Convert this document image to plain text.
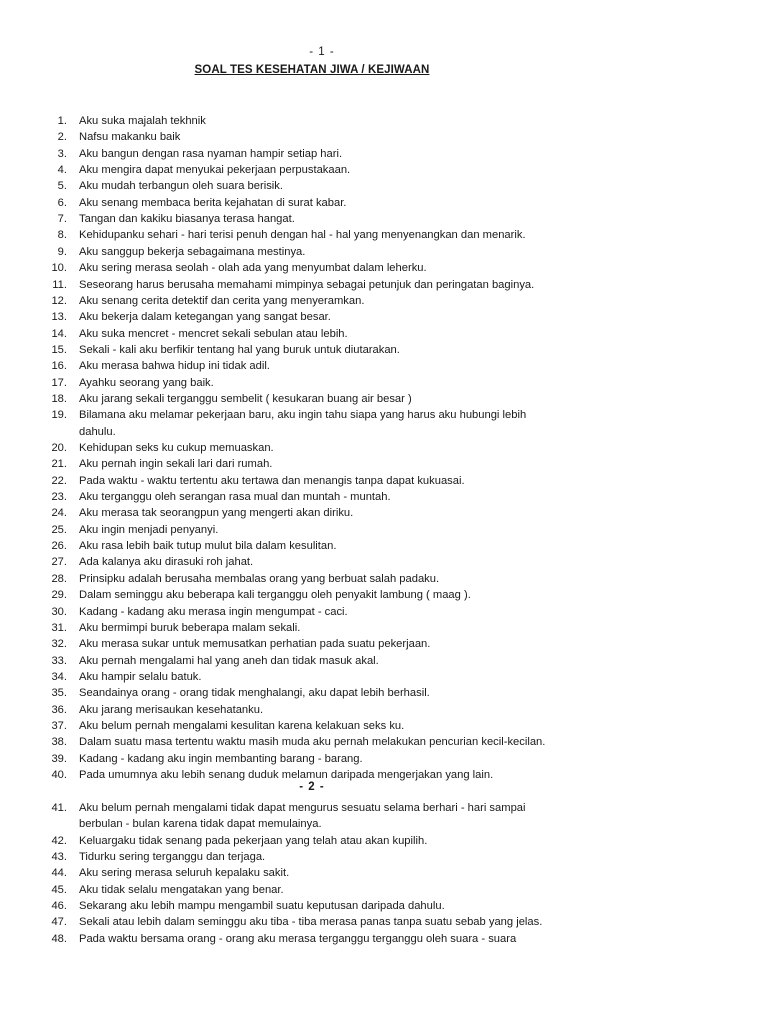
- 1 -
SOAL TES KESEHATAN JIWA / KEJIWAAN
1. Aku suka majalah tekhnik
2. Nafsu makanku baik
3. Aku bangun dengan rasa nyaman hampir setiap hari.
4. Aku mengira dapat menyukai pekerjaan perpustakaan.
5. Aku mudah terbangun oleh suara berisik.
6. Aku senang membaca berita kejahatan di surat kabar.
7. Tangan dan kakiku biasanya terasa hangat.
8. Kehidupanku sehari - hari terisi penuh dengan hal - hal yang menyenangkan dan menarik.
9. Aku sanggup bekerja sebagaimana mestinya.
10. Aku sering merasa seolah - olah ada yang menyumbat dalam leherku.
11. Seseorang harus berusaha memahami mimpinya sebagai petunjuk dan peringatan baginya.
12. Aku senang cerita detektif dan cerita yang menyeramkan.
13. Aku bekerja dalam ketegangan yang sangat besar.
14. Aku suka mencret - mencret sekali sebulan atau lebih.
15. Sekali - kali aku berfikir tentang hal yang buruk untuk diutarakan.
16. Aku merasa bahwa hidup ini tidak adil.
17. Ayahku seorang yang baik.
18. Aku jarang sekali terganggu sembelit ( kesukaran buang air besar )
19. Bilamana aku melamar pekerjaan baru, aku ingin tahu siapa yang harus aku hubungi lebih
dahulu.
20. Kehidupan seks ku cukup memuaskan.
21. Aku pernah ingin sekali lari dari rumah.
22. Pada waktu - waktu tertentu aku tertawa dan menangis tanpa dapat kukuasai.
23. Aku terganggu oleh serangan rasa mual dan muntah - muntah.
24. Aku merasa tak seorangpun yang mengerti akan diriku.
25. Aku ingin menjadi penyanyi.
26. Aku rasa lebih baik tutup mulut bila dalam kesulitan.
27. Ada kalanya aku dirasuki roh jahat.
28. Prinsipku adalah berusaha membalas orang yang berbuat salah padaku.
29. Dalam seminggu aku beberapa kali terganggu oleh penyakit lambung ( maag ).
30. Kadang - kadang aku merasa ingin mengumpat - caci.
31. Aku bermimpi buruk beberapa malam sekali.
32. Aku merasa sukar untuk memusatkan perhatian pada suatu pekerjaan.
33. Aku pernah mengalami hal yang aneh dan tidak masuk akal.
34. Aku hampir selalu batuk.
35. Seandainya orang - orang tidak menghalangi, aku dapat lebih berhasil.
36. Aku jarang merisaukan kesehatanku.
37. Aku belum pernah mengalami kesulitan karena kelakuan seks ku.
38. Dalam suatu masa tertentu waktu masih muda aku pernah melakukan pencurian kecil-kecilan.
39. Kadang - kadang aku ingin membanting barang - barang.
40. Pada umumnya aku lebih senang duduk melamun daripada mengerjakan yang lain.
41. Aku belum pernah mengalami tidak dapat mengurus sesuatu selama berhari - hari sampai
berbulan - bulan karena tidak dapat memulainya.
42. Keluargaku tidak senang pada pekerjaan yang telah atau akan kupilih.
43. Tidurku sering terganggu dan terjaga.
44. Aku sering merasa seluruh kepalaku sakit.
45. Aku tidak selalu mengatakan yang benar.
46. Sekarang aku lebih mampu mengambil suatu keputusan daripada dahulu.
47. Sekali atau lebih dalam seminggu aku tiba - tiba merasa panas tanpa suatu sebab yang jelas.
48. Pada waktu bersama orang - orang aku merasa terganggu terganggu oleh suara - suara
- 2 -
